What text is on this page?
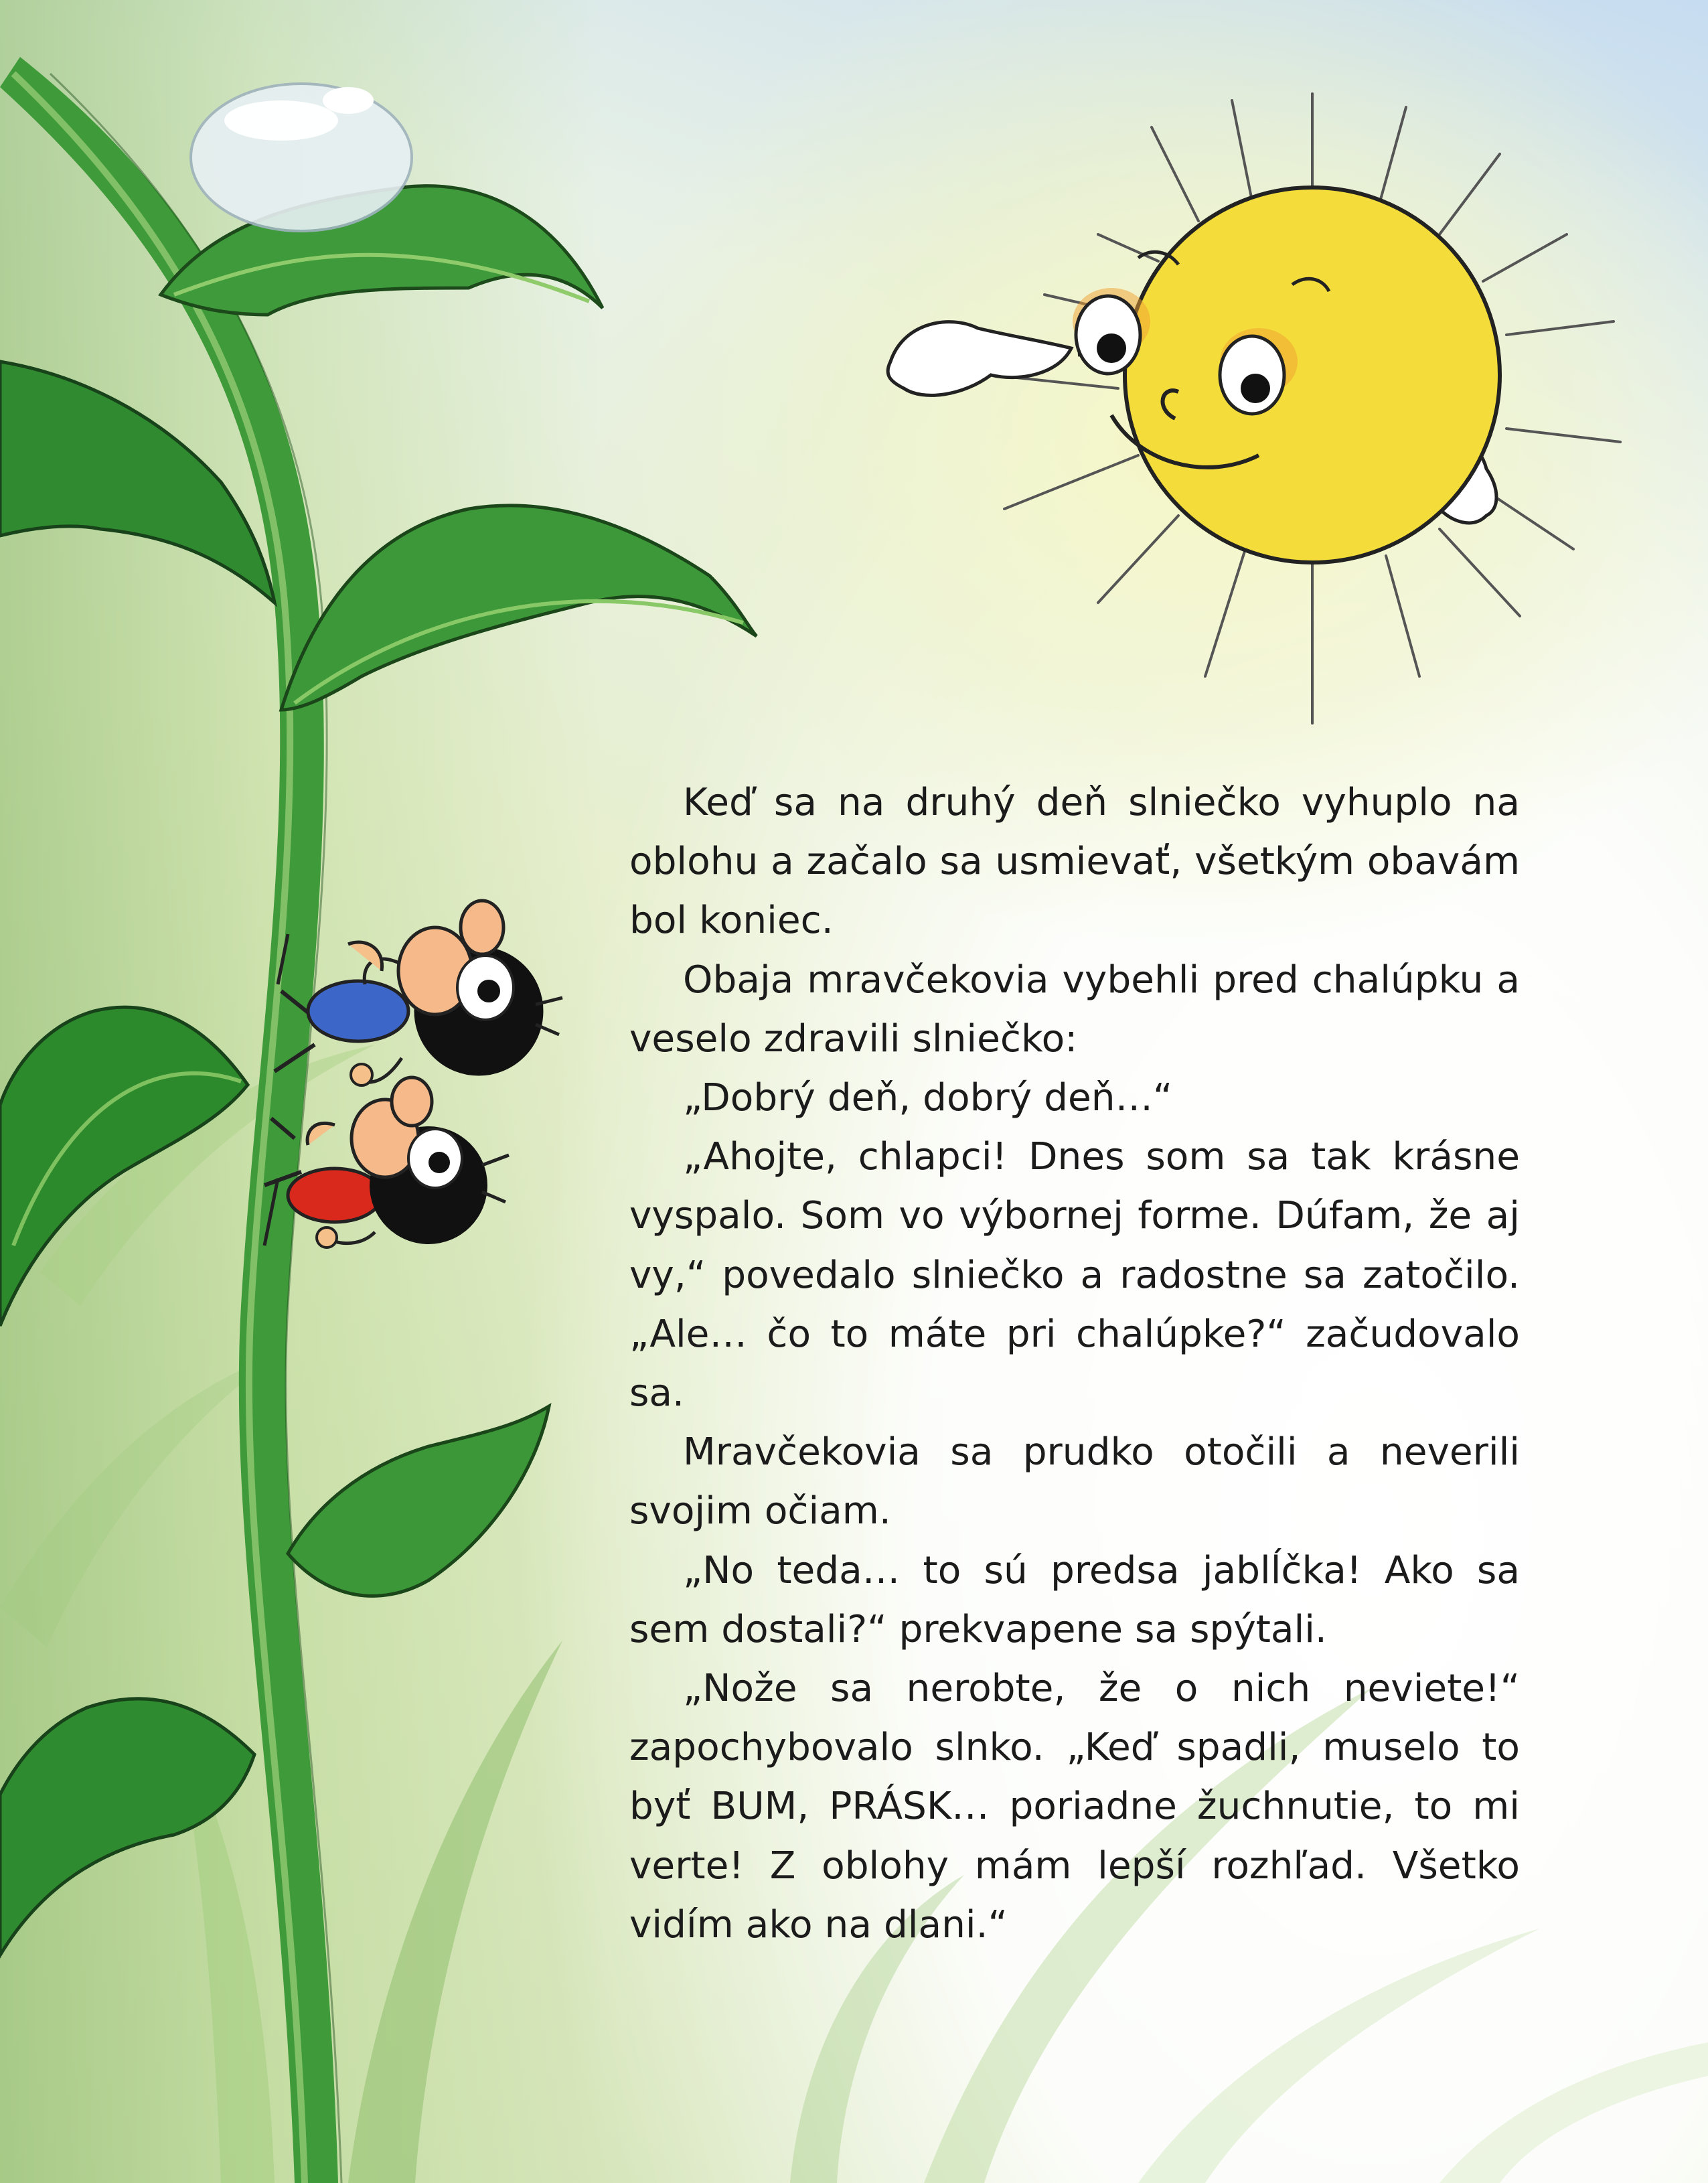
Keď sa na druhý deň slniečko vyhuplo na oblohu a začalo sa usmievať, všetkým obavám bol koniec.

Obaja mravčekovia vybehli pred chalúpku a veselo zdravili slniečko:

„Dobrý deň, dobrý deň…“

„Ahojte, chlapci! Dnes som sa tak krásne vyspalo. Som vo výbornej forme. Dúfam, že aj vy,“ povedalo slniečko a radostne sa zatočilo. „Ale… čo to máte pri chalúpke?“ začudovalo sa.

Mravčekovia sa prudko otočili a neverili svojim očiam.

„No teda… to sú predsa jablĺčka! Ako sa sem dostali?“ prekvapene sa spýtali.

„Nože sa nerobte, že o nich neviete!“ zapochybovalo slnko. „Keď spadli, muselo to byť BUM, PRÁSK… poriadne žuchnutie, to mi verte! Z oblohy mám lepší rozhľad. Všetko vidím ako na dlani.“
